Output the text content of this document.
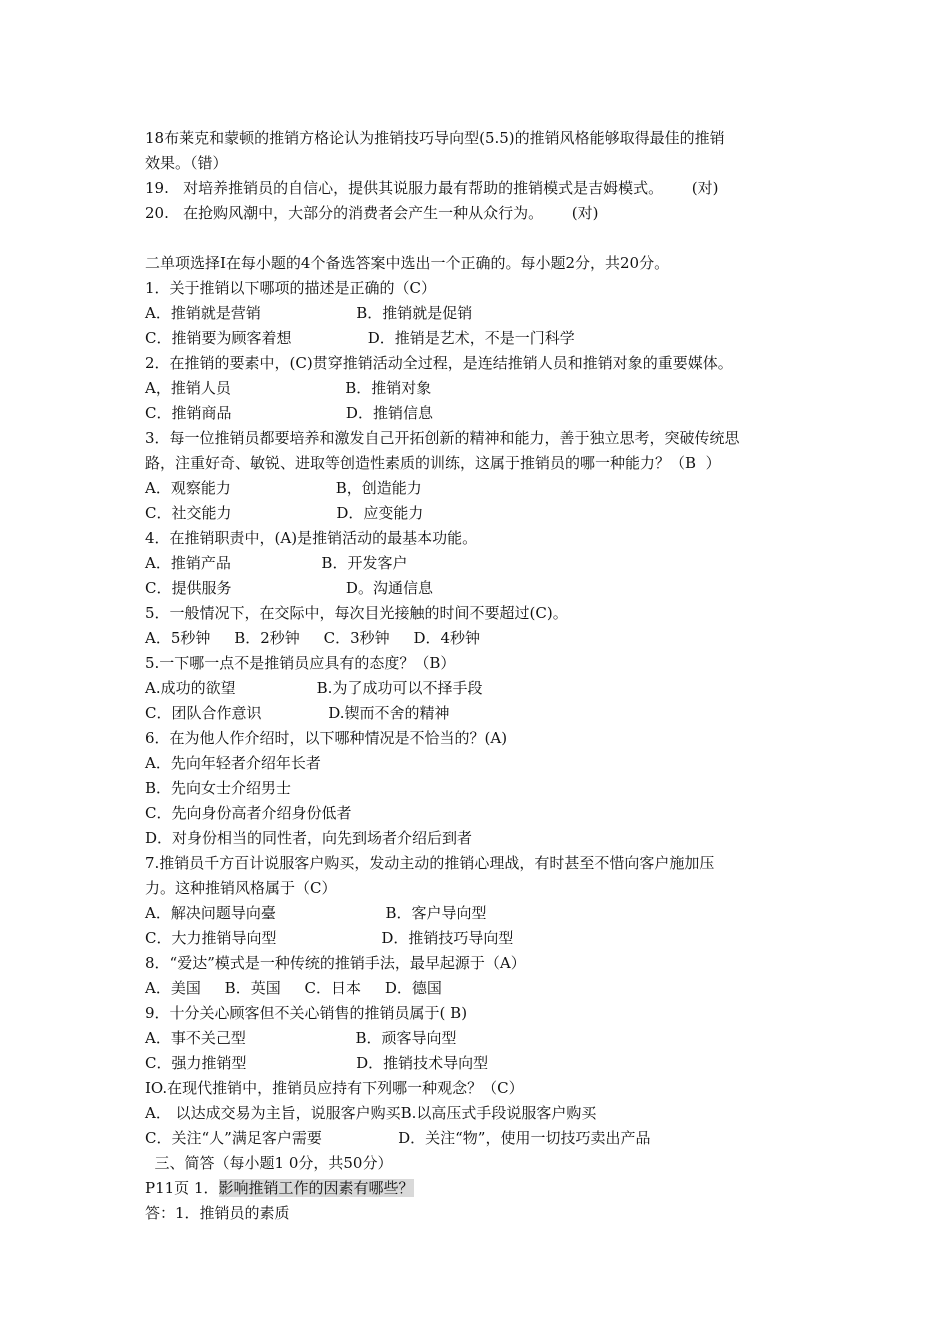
18布莱克和蒙顿的推销方格论认为推销技巧导向型(5.5)的推销风格能够取得最佳的推销
效果。（错）
19.   对培养推销员的自信心，提供其说服力最有帮助的推销模式是吉姆模式。      (对)
20.   在抢购风潮中，大部分的消费者会产生一种从众行为。      (对)
二单项选择I在每小题的4个备选答案中选出一个正确的。每小题2分，共20分。
1．关于推销以下哪项的描述是正确的（C）
A．推销就是营销                    B．推销就是促销
C．推销要为顾客着想                D．推销是艺术，不是一门科学
2．在推销的要素中，(C)贯穿推销活动全过程，是连结推销人员和推销对象的重要媒体。
A，推销人员                        B．推销对象
C．推销商品                        D．推销信息
3．每一位推销员都要培养和激发自己开拓创新的精神和能力，善于独立思考，突破传统思
路，注重好奇、敏锐、进取等创造性素质的训练，这属于推销员的哪一种能力？（B  ）
A．观察能力                      B，创造能力
C．社交能力                      D．应变能力
4．在推销职责中，(A)是推销活动的最基本功能。
A．推销产品                   B．开发客户
C．提供服务                        D。沟通信息
5．一般情况下，在交际中，每次目光接触的时间不要超过(C)。
A．5秒钟     B．2秒钟     C．3秒钟     D．4秒钟
5.一下哪一点不是推销员应具有的态度？（B）
A.成功的欲望                 B.为了成功可以不择手段
C．团队合作意识              D.锲而不舍的精神
6．在为他人作介绍时，以下哪种情况是不恰当的？(A)
A．先向年轻者介绍年长者
B．先向女士介绍男士
C．先向身份高者介绍身份低者
D．对身份相当的同性者，向先到场者介绍后到者
7.推销员千方百计说服客户购买，发动主动的推销心理战，有时甚至不惜向客户施加压
力。这种推销风格属于（C）
A．解决问题导向臺                       B．客户导向型
C．大力推销导向型                      D．推销技巧导向型
8．“爱达”模式是一种传统的推销手法，最早起源于（A）
A．美国     B．英国     C．日本     D．德国
9．十分关心顾客但不关心销售的推销员属于( B)
A．事不关己型                       B．顽客导向型
C．强力推销型                       D．推销技术导向型
IO.在现代推销中，推销员应持有下列哪一种观念？（C）
A． 以达成交易为主旨，说服客户购买B.以高压式手段说服客户购买
C．关注“人”满足客户需要                D．关注“物”，使用一切技巧卖出产品
三、简答（每小题1 0分，共50分）
P11页 1．影响推销工作的因素有哪些？
答：1．推销员的素质
